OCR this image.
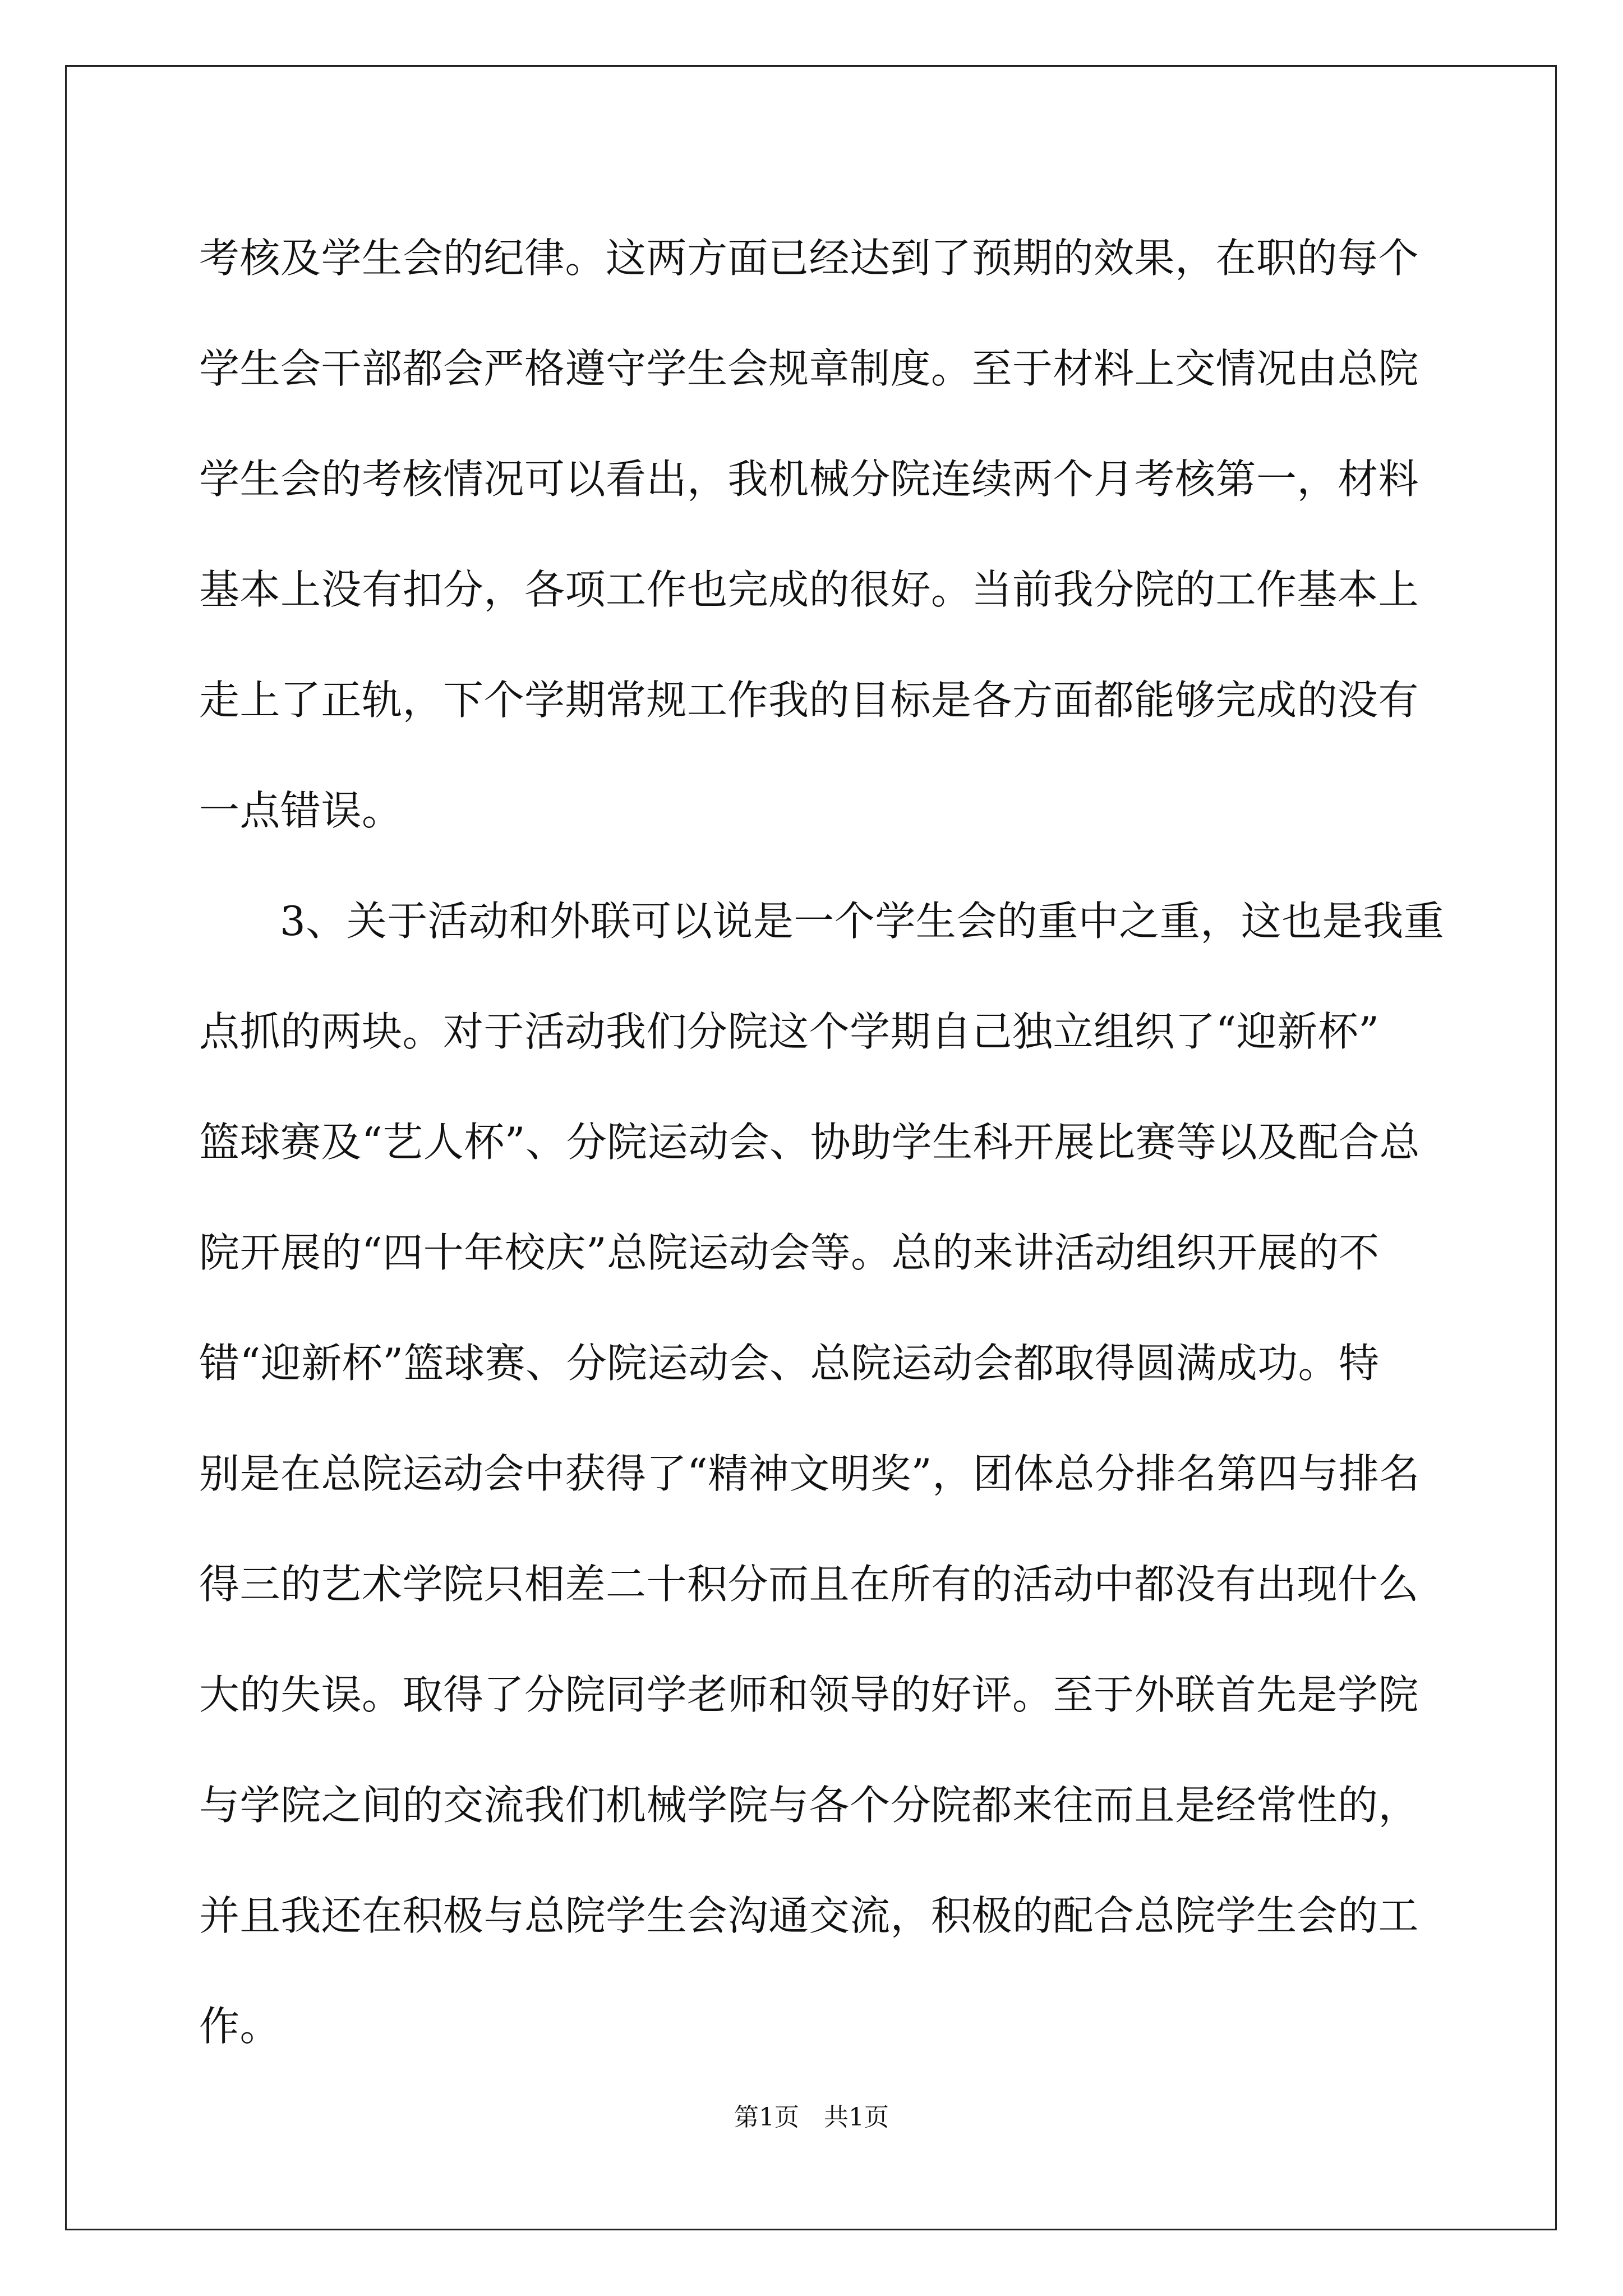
考核及学生会的纪律。这两方面已经达到了预期的效果，在职的每个
学生会干部都会严格遵守学生会规章制度。至于材料上交情况由总院
学生会的考核情况可以看出，我机械分院连续两个月考核第一，材料
基本上没有扣分，各项工作也完成的很好。当前我分院的工作基本上
走上了正轨，下个学期常规工作我的目标是各方面都能够完成的没有
一点错误。
3、关于活动和外联可以说是一个学生会的重中之重，这也是我重
点抓的两块。对于活动我们分院这个学期自己独立组织了“迎新杯”
篮球赛及“艺人杯”、分院运动会、协助学生科开展比赛等以及配合总
院开展的“四十年校庆”总院运动会等。总的来讲活动组织开展的不
错“迎新杯”篮球赛、分院运动会、总院运动会都取得圆满成功。特
别是在总院运动会中获得了“精神文明奖”，团体总分排名第四与排名
得三的艺术学院只相差二十积分而且在所有的活动中都没有出现什么
大的失误。取得了分院同学老师和领导的好评。至于外联首先是学院
与学院之间的交流我们机械学院与各个分院都来往而且是经常性的，
并且我还在积极与总院学生会沟通交流，积极的配合总院学生会的工
作。
第1页　共1页
